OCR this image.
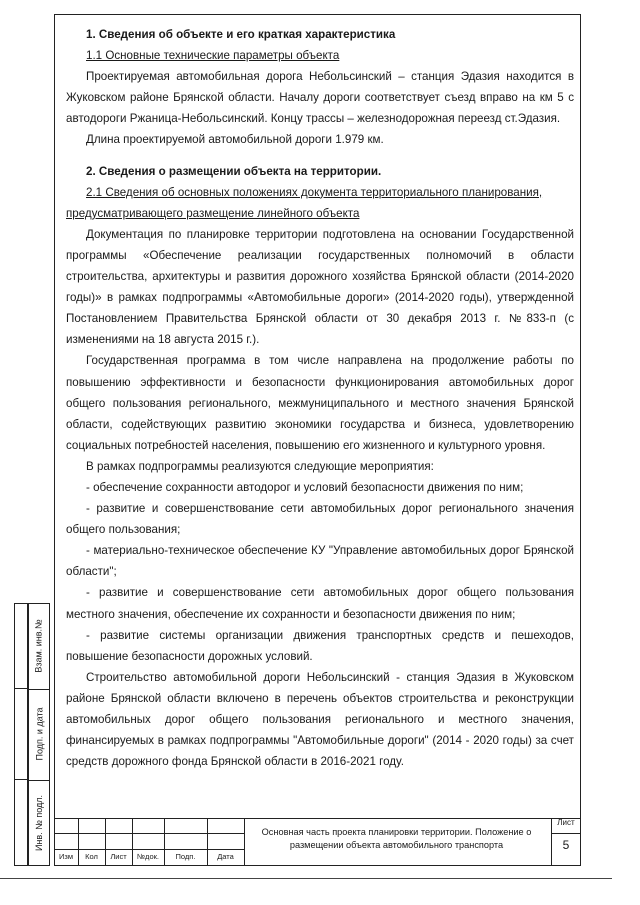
Взам. инв.№
Подп. и дата
Инв. № подл.

1. Сведения об объекте и его краткая характеристика

1.1 Основные технические параметры объекта

Проектируемая автомобильная дорога Небольсинский – станция Эдазия находится в Жуковском районе Брянской области. Началу дороги соответствует съезд вправо на км 5 с автодороги Ржаница-Небольсинский. Концу трассы – железнодорожная переезд ст.Эдазия.

Длина проектируемой автомобильной дороги 1.979 км.

2. Сведения о размещении объекта на территории.

2.1 Сведения об основных положениях документа территориального планирования, предусматривающего размещение линейного объекта

Документация по планировке территории подготовлена на основании Государственной программы «Обеспечение реализации государственных полномочий в области строительства, архитектуры и развития дорожного хозяйства Брянской области (2014-2020 годы)» в рамках подпрограммы «Автомобильные дороги» (2014-2020 годы), утвержденной Постановлением Правительства Брянской области от 30 декабря 2013 г. №833-п (с изменениями на 18 августа 2015 г.).

Государственная программа в том числе направлена на продолжение работы по повышению эффективности и безопасности функционирования автомобильных дорог общего пользования регионального, межмуниципального и местного значения Брянской области, содействующих развитию экономики государства и бизнеса, удовлетворению социальных потребностей населения, повышению его жизненного и культурного уровня.

В рамках подпрограммы реализуются следующие мероприятия:

- обеспечение сохранности автодорог и условий безопасности движения по ним;

- развитие и совершенствование сети автомобильных дорог регионального значения общего пользования;

- материально-техническое обеспечение КУ "Управление автомобильных дорог Брянской области";

- развитие и совершенствование сети автомобильных дорог общего пользования местного значения, обеспечение их сохранности и безопасности движения по ним;

- развитие системы организации движения транспортных средств и пешеходов, повышение безопасности дорожных условий.

Строительство автомобильной дороги Небольсинский - станция Эдазия в Жуковском районе Брянской области включено в перечень объектов строительства и реконструкции автомобильных дорог общего пользования регионального и местного значения, финансируемых в рамках подпрограммы "Автомобильные дороги" (2014 - 2020 годы) за счет средств дорожного фонда Брянской области в 2016-2021 году.

Изм	Кол	Лист	№док.	Подп.	Дата
Основная часть проекта планировки территории. Положение о размещении объекта автомобильного транспорта
Лист
5
